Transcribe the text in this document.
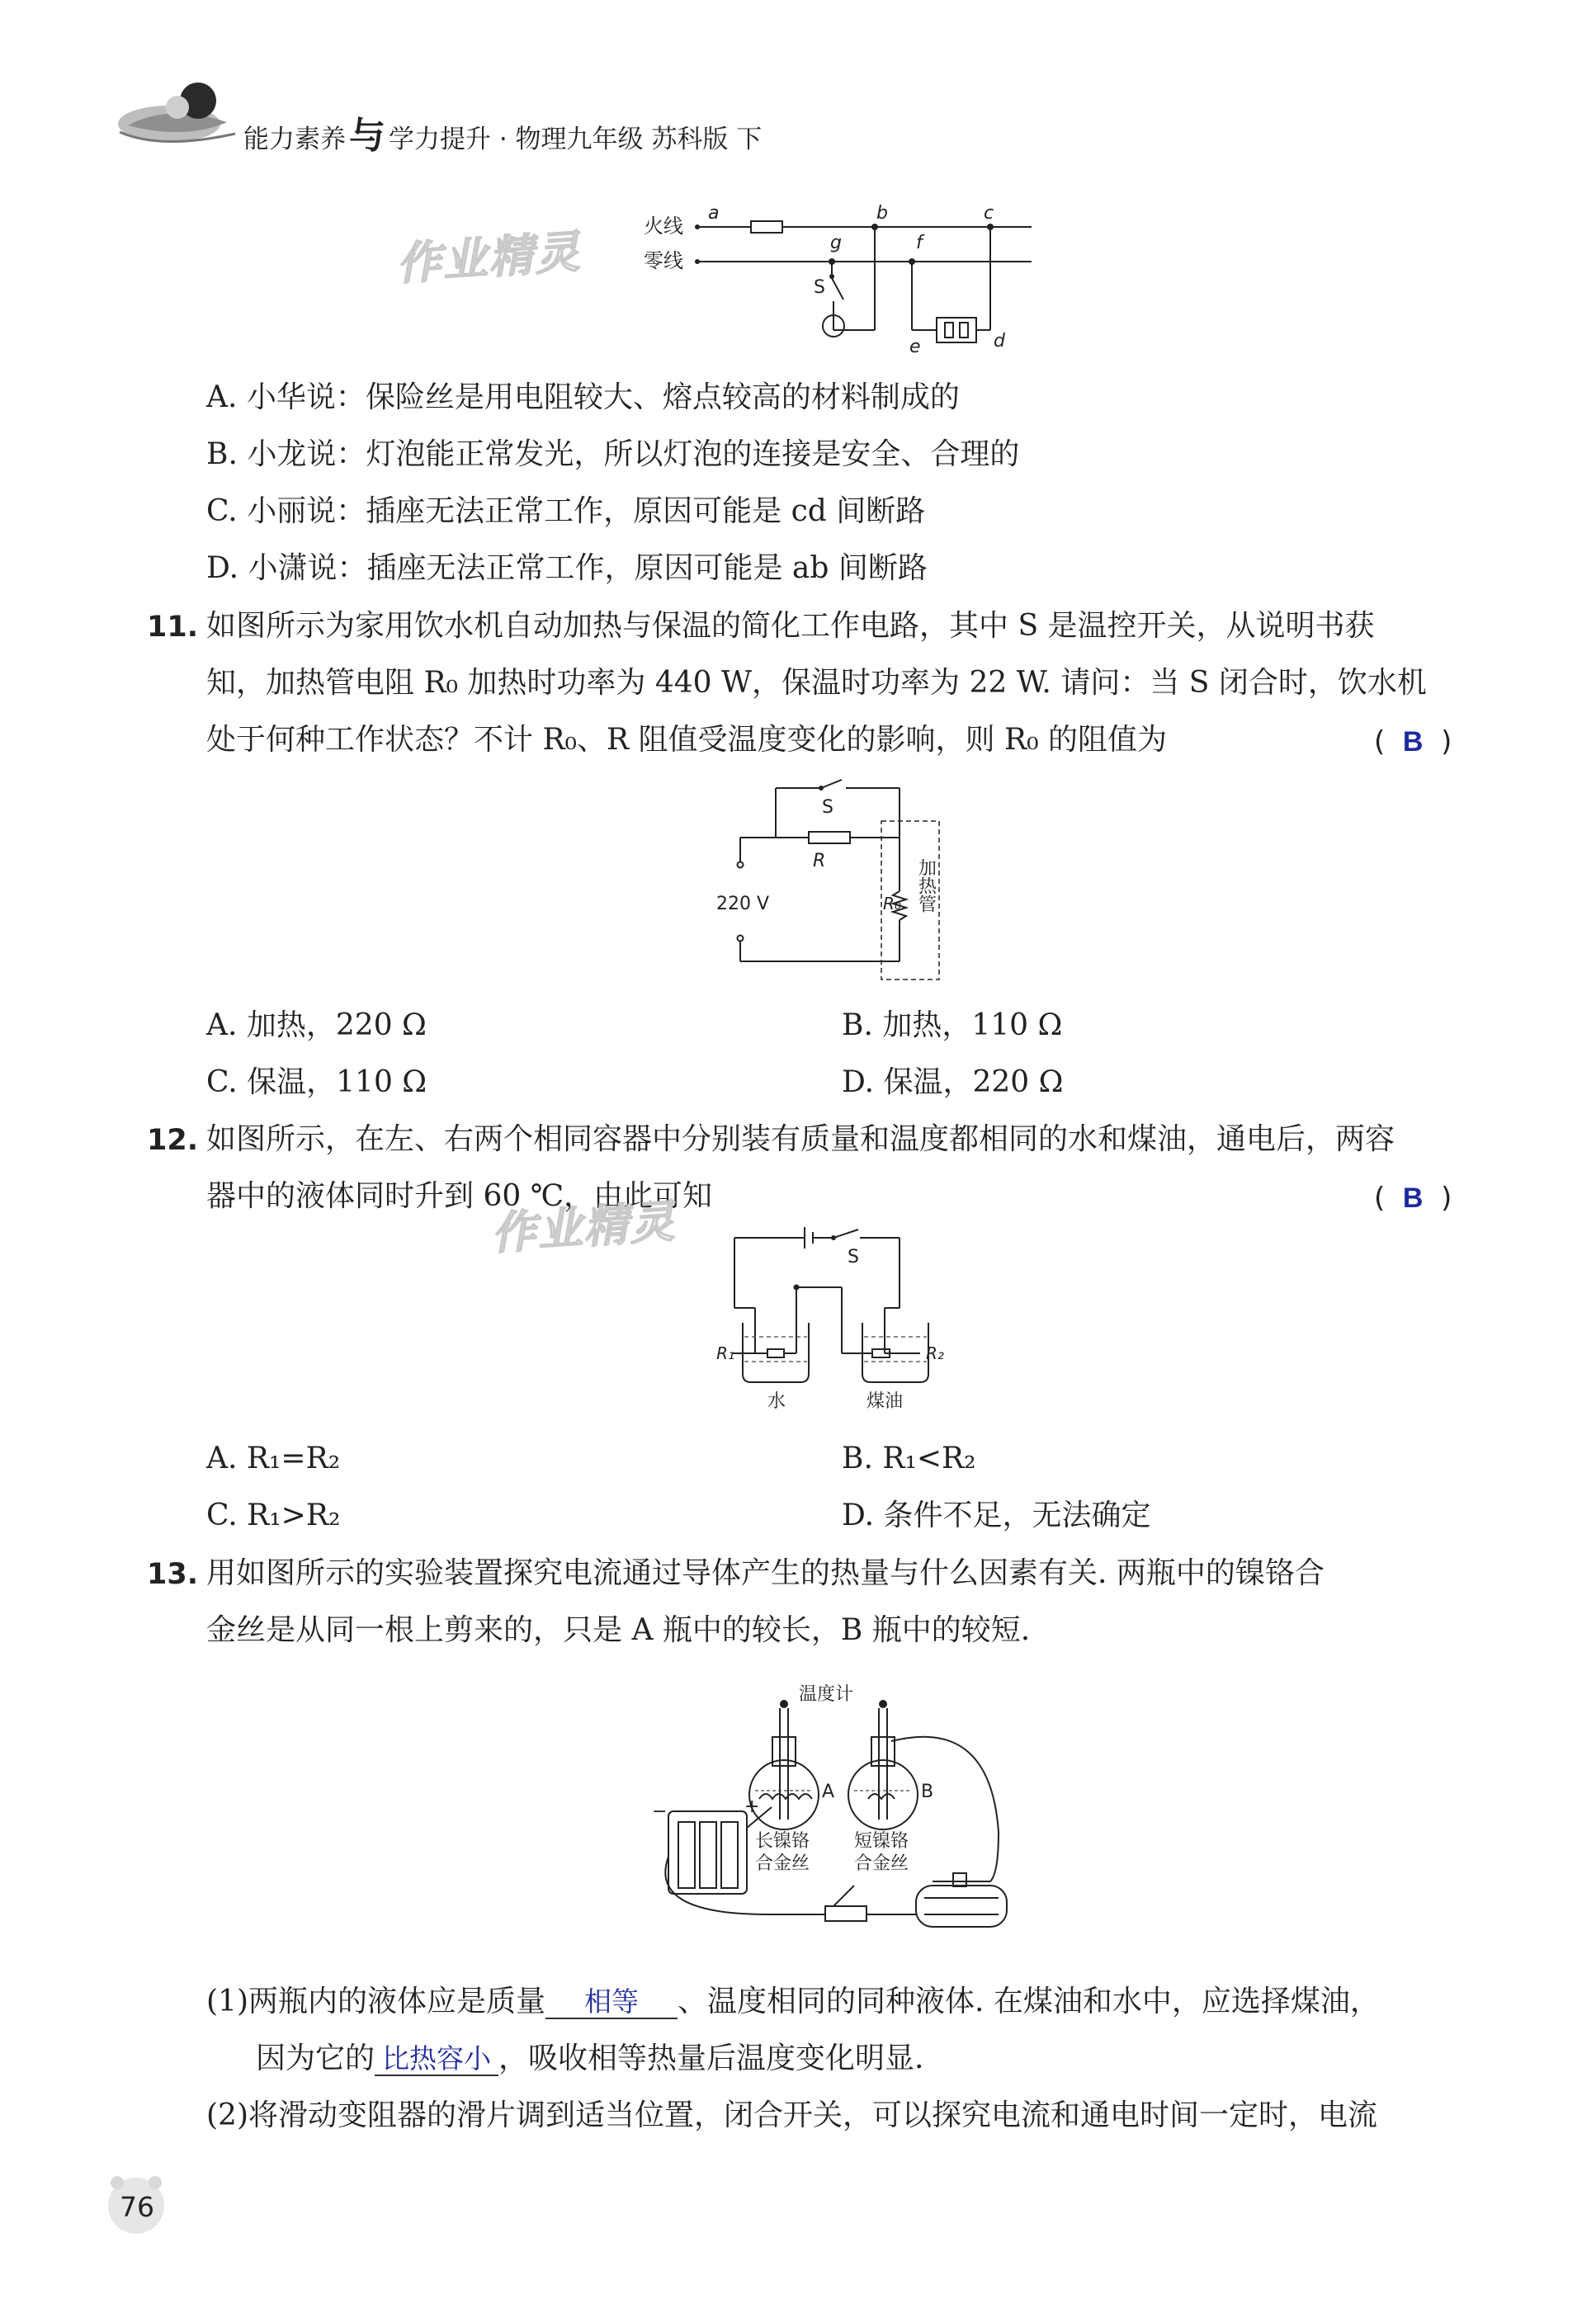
能力素养与 学力提升 · 物理九年级 苏科版 下
火线
零线
a	b	c
g	f
S
e	d
作业精灵
A. 小华说：保险丝是用电阻较大、熔点较高的材料制成的
B. 小龙说：灯泡能正常发光，所以灯泡的连接是安全、合理的
C. 小丽说：插座无法正常工作，原因可能是 cd 间断路
D. 小潇说：插座无法正常工作，原因可能是 ab 间断路
11. 如图所示为家用饮水机自动加热与保温的简化工作电路，其中 S 是温控开关，从说明书获
知，加热管电阻 R₀ 加热时功率为 440 W，保温时功率为 22 W. 请问：当 S 闭合时，饮水机
处于何种工作状态？不计 R₀、R 阻值受温度变化的影响，则 R₀ 的阻值为	(  B  )
S
R
220 V	R₀ 加热管
A. 加热，220 Ω	B. 加热，110 Ω
C. 保温，110 Ω	D. 保温，220 Ω
12. 如图所示，在左、右两个相同容器中分别装有质量和温度都相同的水和煤油，通电后，两容
器中的液体同时升到 60 ℃，由此可知	(  B  )
作业精灵	S
R₁	R₂
水	煤油
A. R₁=R₂	B. R₁<R₂
C. R₁>R₂	D. 条件不足，无法确定
13. 用如图所示的实验装置探究电流通过导体产生的热量与什么因素有关. 两瓶中的镍铬合
金丝是从同一根上剪来的，只是 A 瓶中的较长，B 瓶中的较短.
温度计
A	B
长镍铬
合金丝
短镍铬
合金丝
−	+
(1)两瓶内的液体应是质量 相等 、温度相同的同种液体. 在煤油和水中，应选择煤油，
因为它的 比热容小 ，吸收相等热量后温度变化明显.
(2)将滑动变阻器的滑片调到适当位置，闭合开关，可以探究电流和通电时间一定时，电流
76
